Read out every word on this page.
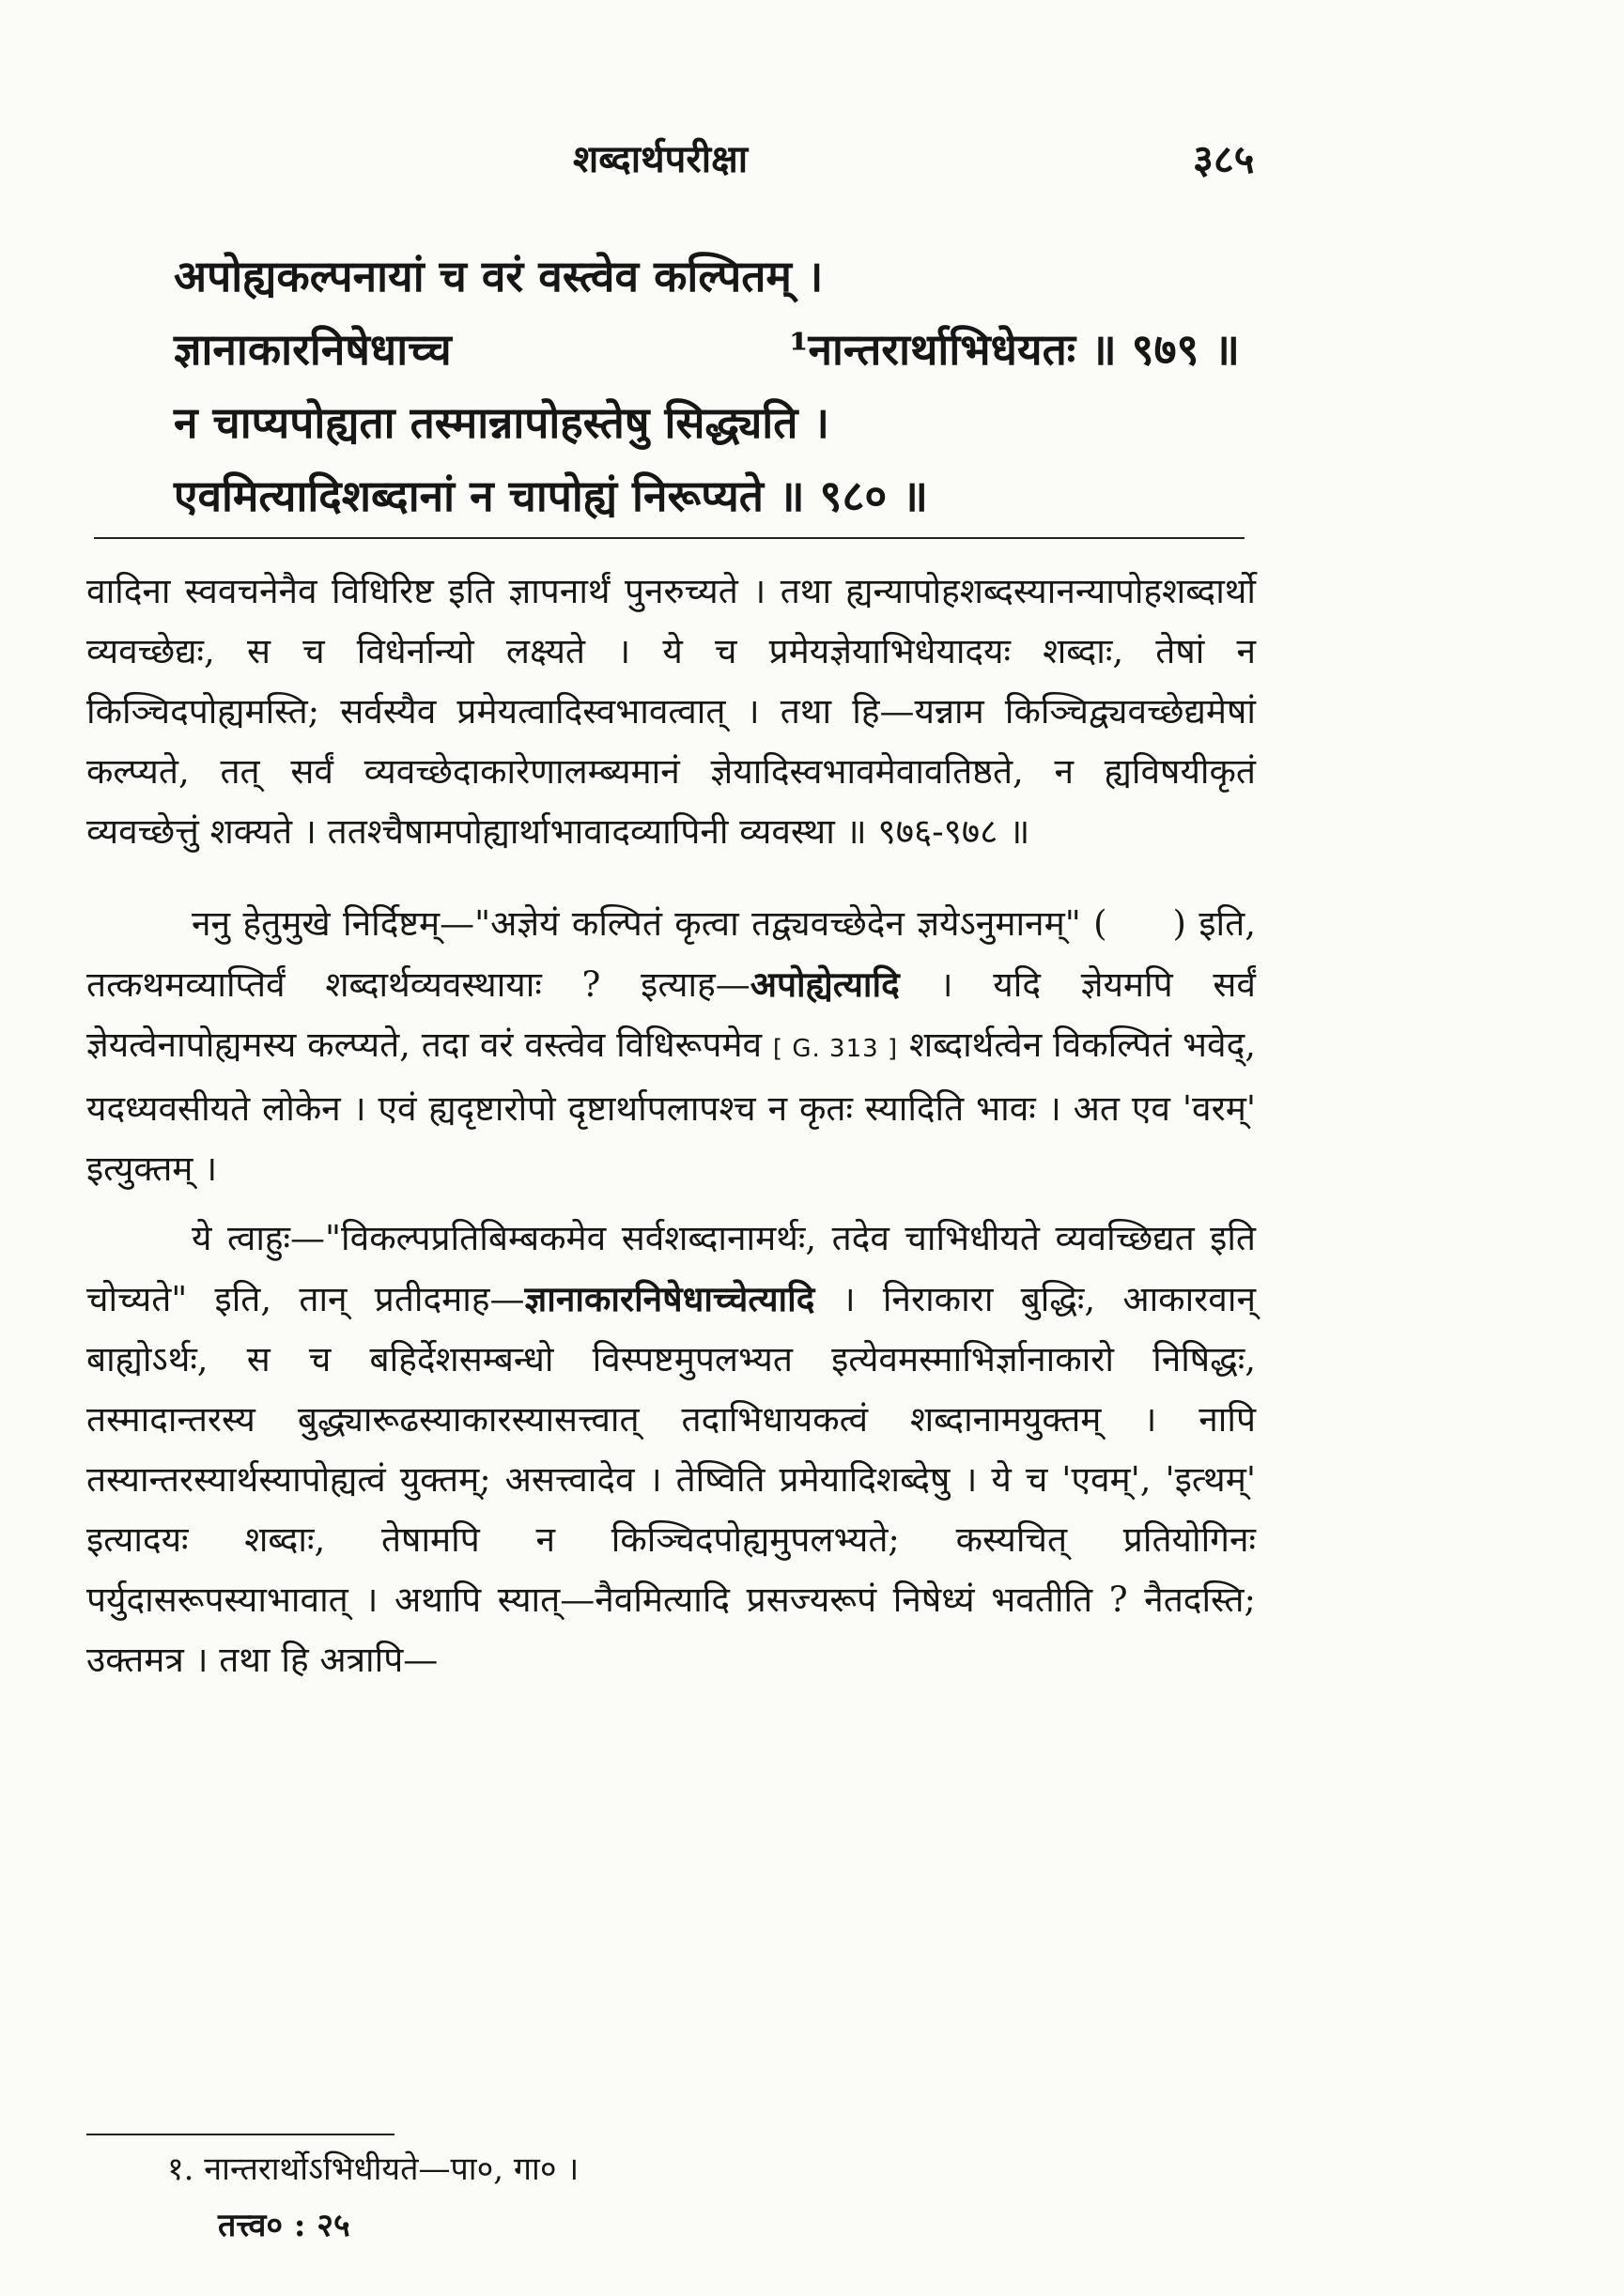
शब्दार्थपरीक्षा	३८५
अपोह्यकल्पनायां च वरं वस्त्वेव कल्पितम् ।
ज्ञानाकारनिषेधाच्च	¹नान्तरार्थाभिधेयतः ॥ ९७९ ॥
न चाप्यपोह्यता तस्मान्नापोहस्तेषु सिद्ध्यति ।
एवमित्यादिशब्दानां न चापोह्यं निरूप्यते ॥ ९८० ॥

वादिना स्ववचनेनैव विधिरिष्ट इति ज्ञापनार्थं पुनरुच्यते । तथा ह्यन्यापोहशब्दस्यानन्यापोहशब्दार्थो व्यवच्छेद्यः, स च विधेर्नान्यो लक्ष्यते । ये च प्रमेयज्ञेयाभिधेयादयः शब्दाः, तेषां न किञ्चिदपोह्यमस्ति; सर्वस्यैव प्रमेयत्वादिस्वभावत्वात् । तथा हि—यन्नाम किञ्चिद्व्यवच्छेद्यमेषां कल्प्यते, तत् सर्वं व्यवच्छेदाकारेणालम्ब्यमानं ज्ञेयादिस्वभावमेवावतिष्ठते, न ह्यविषयीकृतं व्यवच्छेत्तुं शक्यते । ततश्चैषामपोह्यार्थाभावादव्यापिनी व्यवस्था ॥ ९७६-९७८ ॥

ननु हेतुमुखे निर्दिष्टम्—"अज्ञेयं कल्पितं कृत्वा तद्व्यवच्छेदेन ज्ञयेऽनुमानम्" ( ) इति, तत्कथमव्याप्तिर्वं शब्दार्थव्यवस्थायाः ? इत्याह—अपोह्येत्यादि । यदि ज्ञेयमपि सर्वं ज्ञेयत्वेनापोह्यमस्य कल्प्यते, तदा वरं वस्त्वेव विधिरूपमेव [ G. 313 ] शब्दार्थत्वेन विकल्पितं भवेद्, यदध्यवसीयते लोकेन । एवं ह्यदृष्टारोपो दृष्टार्थापलापश्च न कृतः स्यादिति भावः । अत एव 'वरम्' इत्युक्तम् ।

ये त्वाहुः—"विकल्पप्रतिबिम्बकमेव सर्वशब्दानामर्थः, तदेव चाभिधीयते व्यवच्छिद्यत इति चोच्यते" इति, तान् प्रतीदमाह—ज्ञानाकारनिषेधाच्चेत्यादि । निराकारा बुद्धिः, आकारवान् बाह्योऽर्थः, स च बहिर्देशसम्बन्धो विस्पष्टमुपलभ्यत इत्येवमस्माभिर्ज्ञानाकारो निषिद्धः, तस्मादान्तरस्य बुद्ध्यारूढस्याकारस्यासत्त्वात् तदाभिधायकत्वं शब्दानामयुक्तम् । नापि तस्यान्तरस्यार्थस्यापोह्यत्वं युक्तम्; असत्त्वादेव । तेष्विति प्रमेयादिशब्देषु । ये च 'एवम्', 'इत्थम्' इत्यादयः शब्दाः, तेषामपि न किञ्चिदपोह्यमुपलभ्यते; कस्यचित् प्रतियोगिनः पर्युदासरूपस्याभावात् । अथापि स्यात्—नैवमित्यादि प्रसज्यरूपं निषेध्यं भवतीति ? नैतदस्ति; उक्तमत्र । तथा हि अत्रापि—

१. नान्तरार्थोऽभिधीयते—पा०, गा० ।
तत्त्व० : २५
